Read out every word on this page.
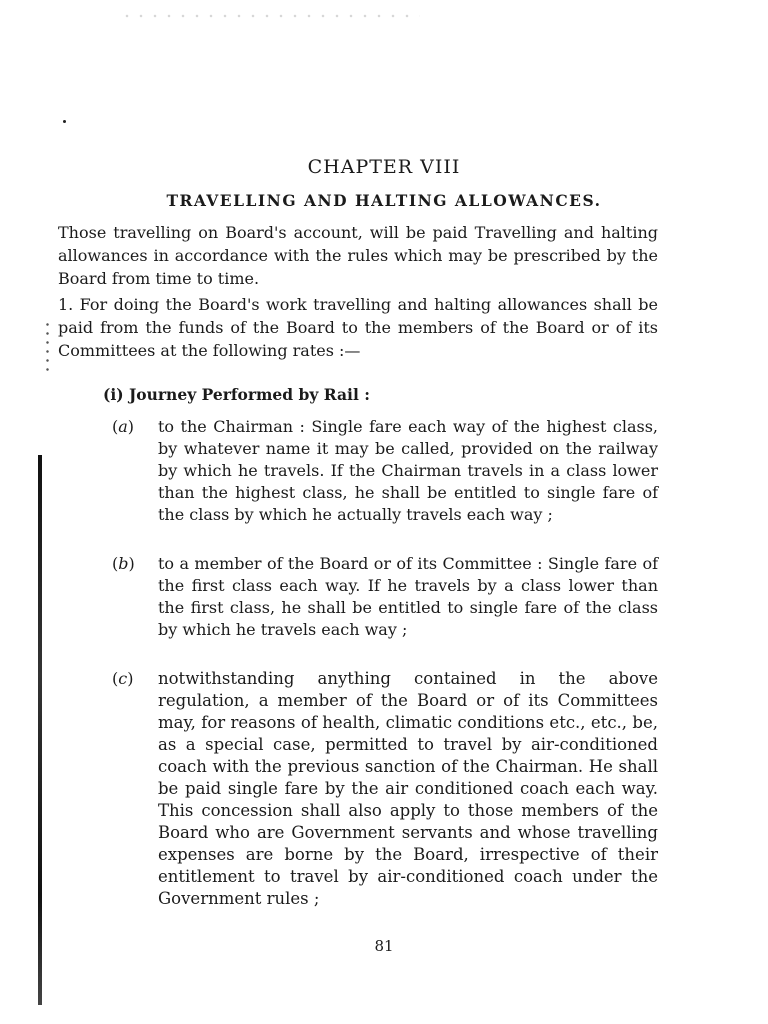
CHAPTER VIII
TRAVELLING AND HALTING ALLOWANCES.

Those travelling on Board's account, will be paid Travelling and halting allowances in accordance with the rules which may be prescribed by the Board from time to time.

1. For doing the Board's work travelling and halting allowances shall be paid from the funds of the Board to the members of the Board or of its Committees at the following rates :—

(i) Journey Performed by Rail :

(a) to the Chairman : Single fare each way of the highest class, by whatever name it may be called, provided on the railway by which he travels. If the Chairman travels in a class lower than the highest class, he shall be entitled to single fare of the class by which he actually travels each way ;
(b) to a member of the Board or of its Committee : Single fare of the first class each way. If he travels by a class lower than the first class, he shall be entitled to single fare of the class by which he travels each way ;
(c) notwithstanding anything contained in the above regulation, a member of the Board or of its Committees may, for reasons of health, climatic conditions etc., etc., be, as a special case, permitted to travel by air-conditioned coach with the previous sanction of the Chairman. He shall be paid single fare by the air conditioned coach each way. This concession shall also apply to those members of the Board who are Government servants and whose travelling expenses are borne by the Board, irrespective of their entitlement to travel by air-conditioned coach under the Government rules ;

81
